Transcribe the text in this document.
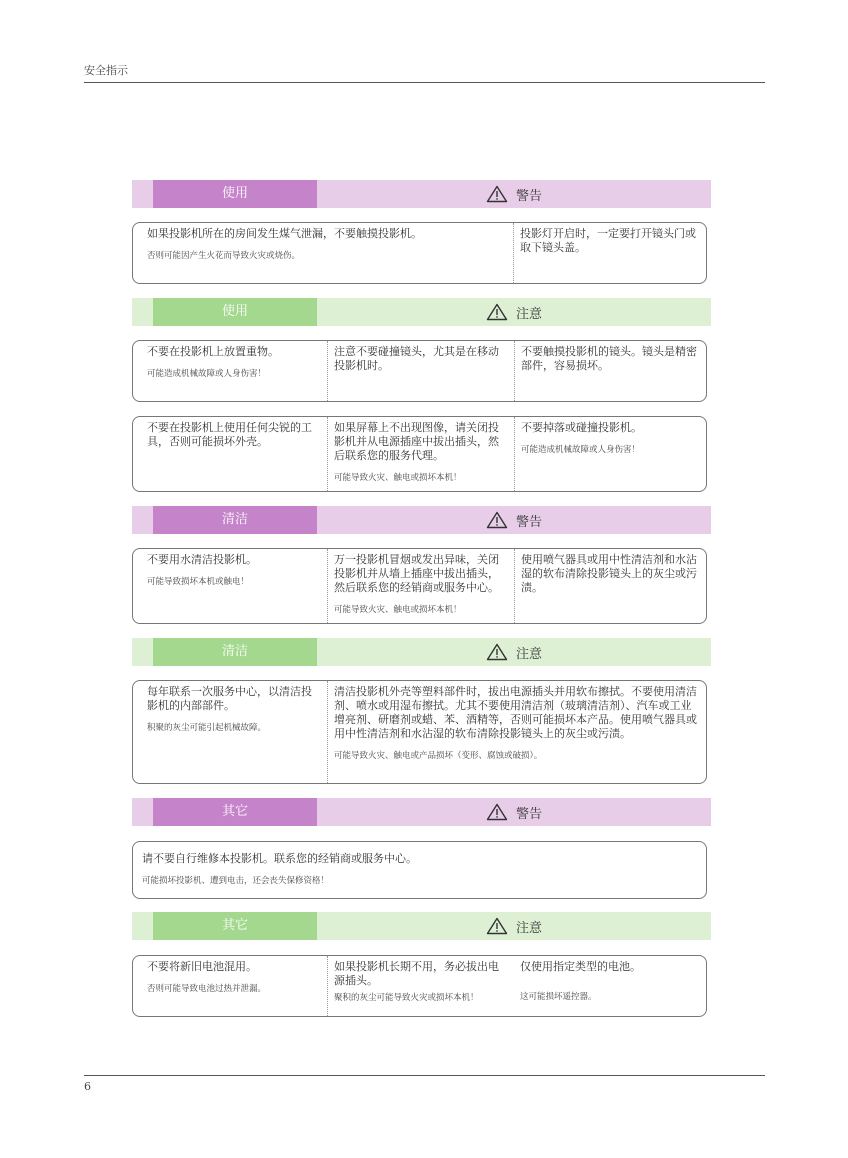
安全指示
使用	警告
如果投影机所在的房间发生煤气泄漏，不要触摸投影机。
否则可能因产生火花而导致火灾或烧伤。
投影灯开启时，一定要打开镜头门或取下镜头盖。
使用	注意
不要在投影机上放置重物。
可能造成机械故障或人身伤害！
注意不要碰撞镜头，尤其是在移动投影机时。
不要触摸投影机的镜头。镜头是精密部件，容易损坏。
不要在投影机上使用任何尖锐的工具，否则可能损坏外壳。
如果屏幕上不出现图像，请关闭投影机并从电源插座中拔出插头，然后联系您的服务代理。
可能导致火灾、触电或损坏本机！
不要掉落或碰撞投影机。
可能造成机械故障或人身伤害！
清洁	警告
不要用水清洁投影机。
可能导致损坏本机或触电！
万一投影机冒烟或发出异味，关闭投影机并从墙上插座中拔出插头，然后联系您的经销商或服务中心。
可能导致火灾、触电或损坏本机！
使用喷气器具或用中性清洁剂和水沾湿的软布清除投影镜头上的灰尘或污渍。
清洁	注意
每年联系一次服务中心，以清洁投影机的内部部件。
积聚的灰尘可能引起机械故障。
清洁投影机外壳等塑料部件时，拔出电源插头并用软布擦拭。不要使用清洁剂、喷水或用湿布擦拭。尤其不要使用清洁剂（玻璃清洁剂）、汽车或工业增亮剂、研磨剂或蜡、苯、酒精等，否则可能损坏本产品。使用喷气器具或用中性清洁剂和水沾湿的软布清除投影镜头上的灰尘或污渍。
可能导致火灾、触电或产品损坏（变形、腐蚀或破损）。
其它	警告
请不要自行维修本投影机。联系您的经销商或服务中心。
可能损坏投影机、遭到电击，还会丧失保修资格！
其它	注意
不要将新旧电池混用。
否则可能导致电池过热并泄漏。
如果投影机长期不用，务必拔出电源插头。
聚积的灰尘可能导致火灾或损坏本机！
仅使用指定类型的电池。
这可能损坏遥控器。
6
